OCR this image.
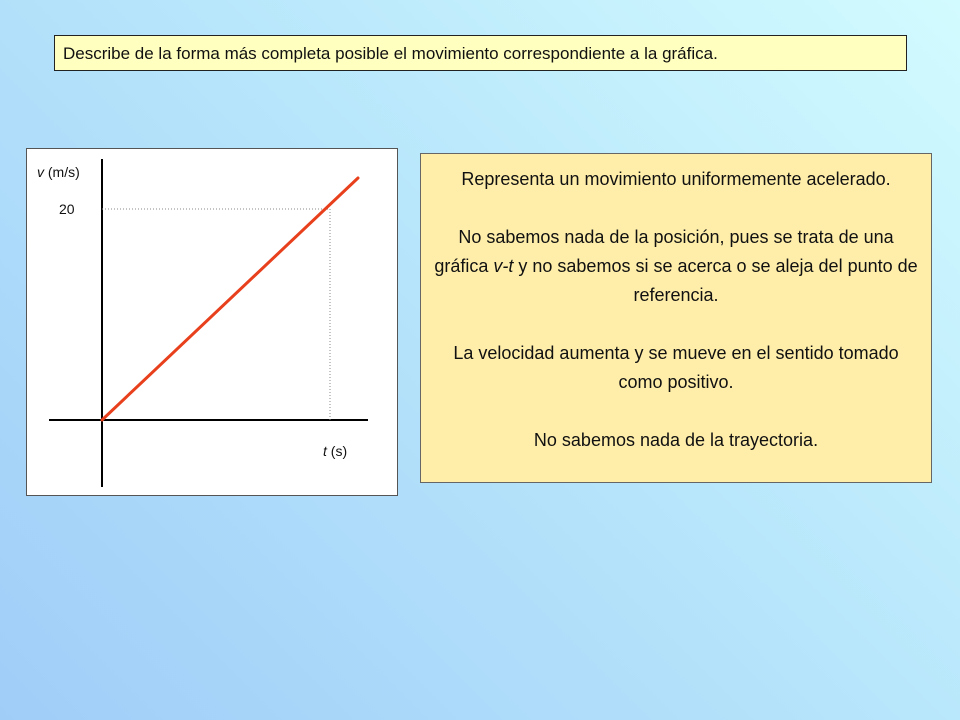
Describe de la forma más completa posible el movimiento correspondiente a la gráfica.
v (m/s)
20
t (s)

Representa un movimiento uniformemente acelerado.

No sabemos nada de la posición, pues se trata de una gráfica v-t y no sabemos si se acerca o se aleja del punto de referencia.

La velocidad aumenta y se mueve en el sentido tomado como positivo.

No sabemos nada de la trayectoria.
